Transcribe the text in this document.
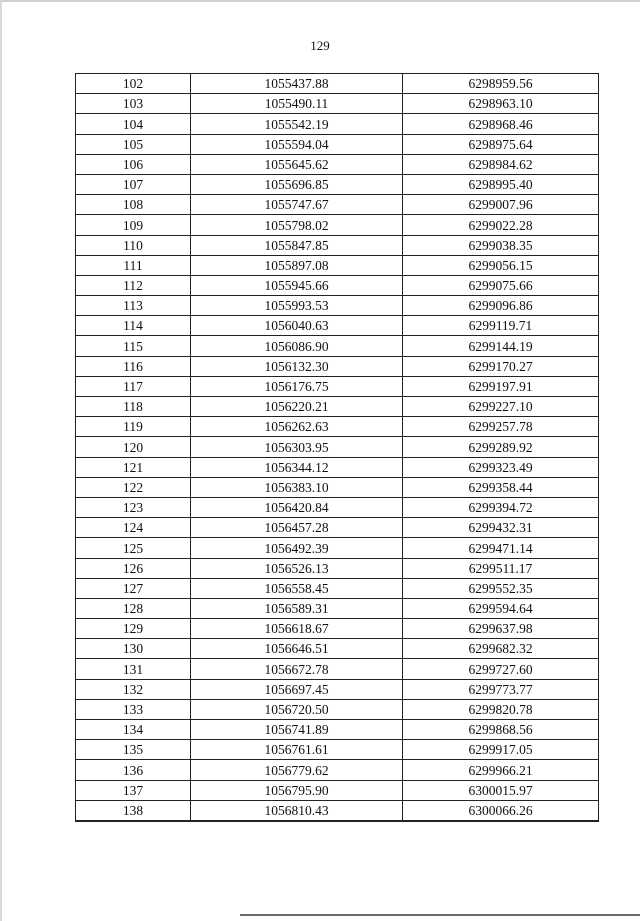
129
102	1055437.88	6298959.56
103	1055490.11	6298963.10
104	1055542.19	6298968.46
105	1055594.04	6298975.64
106	1055645.62	6298984.62
107	1055696.85	6298995.40
108	1055747.67	6299007.96
109	1055798.02	6299022.28
110	1055847.85	6299038.35
111	1055897.08	6299056.15
112	1055945.66	6299075.66
113	1055993.53	6299096.86
114	1056040.63	6299119.71
115	1056086.90	6299144.19
116	1056132.30	6299170.27
117	1056176.75	6299197.91
118	1056220.21	6299227.10
119	1056262.63	6299257.78
120	1056303.95	6299289.92
121	1056344.12	6299323.49
122	1056383.10	6299358.44
123	1056420.84	6299394.72
124	1056457.28	6299432.31
125	1056492.39	6299471.14
126	1056526.13	6299511.17
127	1056558.45	6299552.35
128	1056589.31	6299594.64
129	1056618.67	6299637.98
130	1056646.51	6299682.32
131	1056672.78	6299727.60
132	1056697.45	6299773.77
133	1056720.50	6299820.78
134	1056741.89	6299868.56
135	1056761.61	6299917.05
136	1056779.62	6299966.21
137	1056795.90	6300015.97
138	1056810.43	6300066.26
